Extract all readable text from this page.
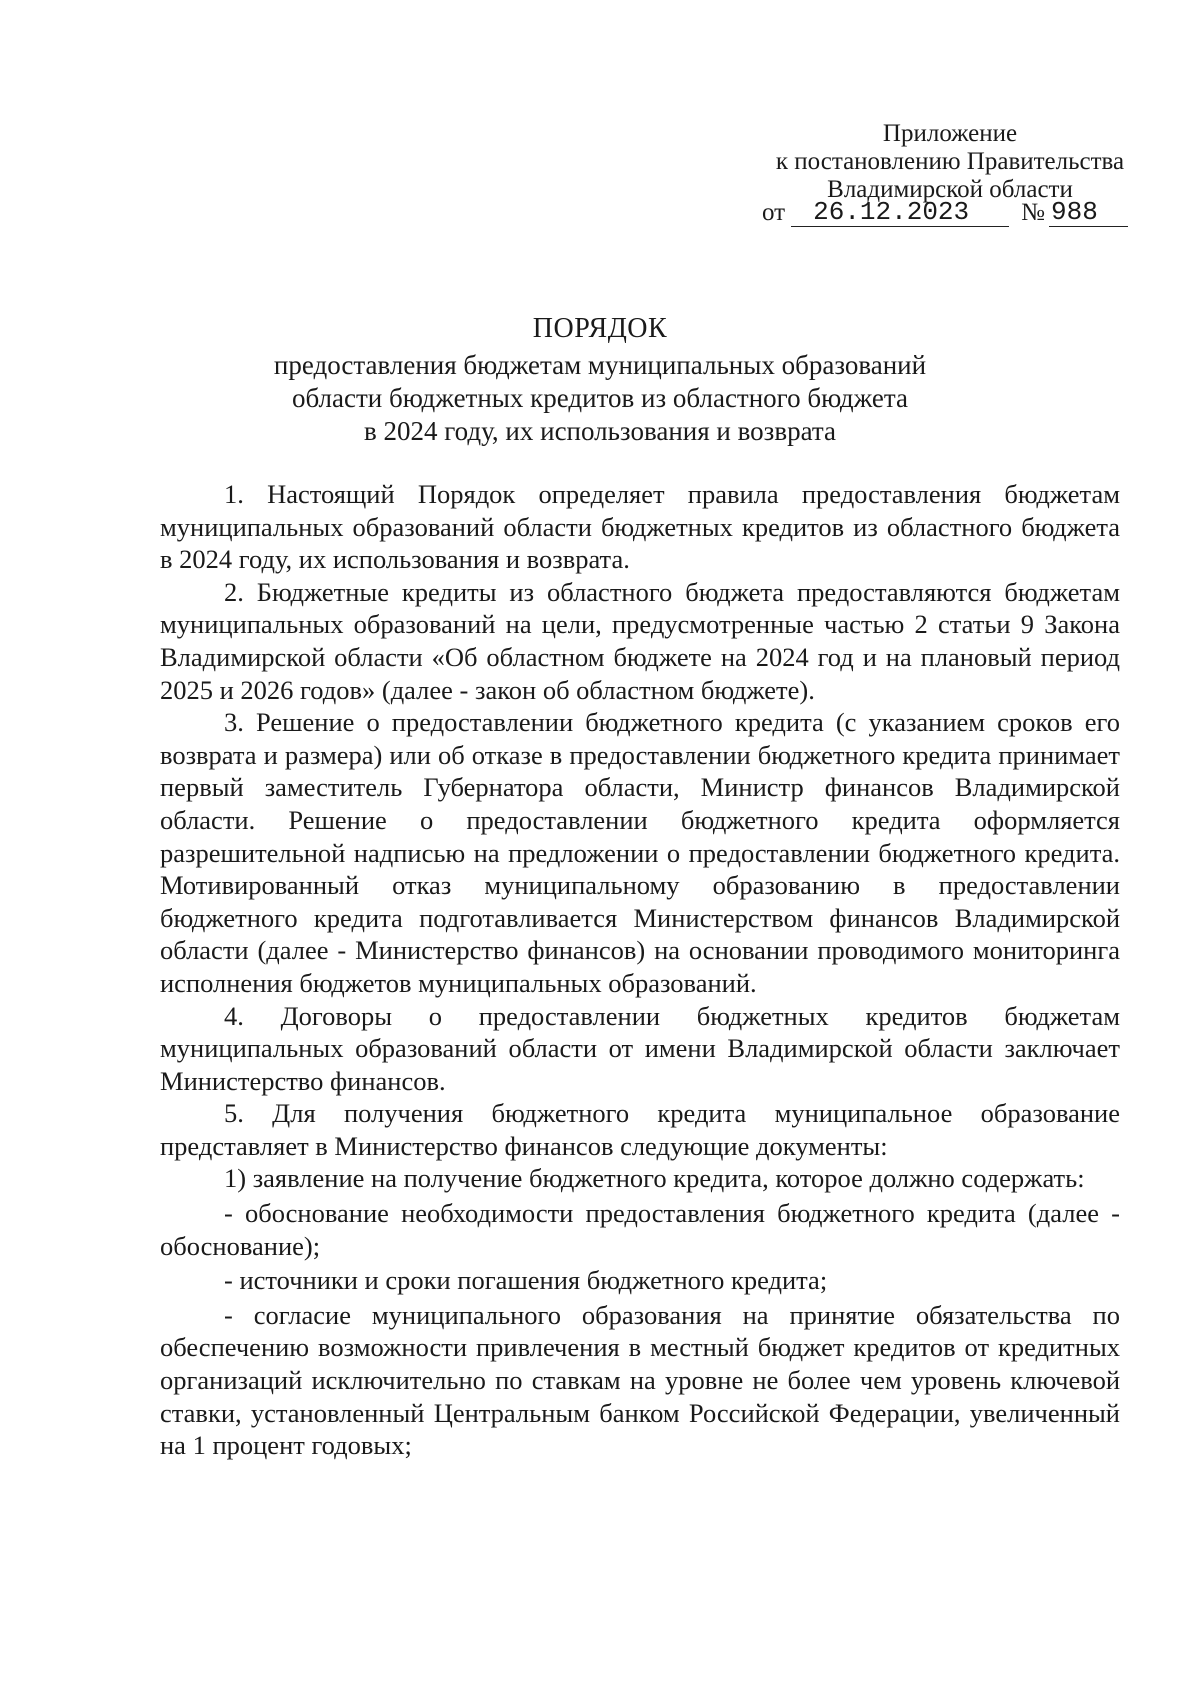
Приложение
к постановлению Правительства
Владимирской области
от	26.12.2023	№ 988
ПОРЯДОК
предоставления бюджетам муниципальных образований
области бюджетных кредитов из областного бюджета
в 2024 году, их использования и возврата

1. Настоящий Порядок определяет правила предоставления бюджетам муниципальных образований области бюджетных кредитов из областного бюджета в 2024 году, их использования и возврата.

2. Бюджетные кредиты из областного бюджета предоставляются бюджетам муниципальных образований на цели, предусмотренные частью 2 статьи 9 Закона Владимирской области «Об областном бюджете на 2024 год и на плановый период 2025 и 2026 годов» (далее - закон об областном бюджете).

3. Решение о предоставлении бюджетного кредита (с указанием сроков его возврата и размера) или об отказе в предоставлении бюджетного кредита принимает первый заместитель Губернатора области, Министр финансов Владимирской области. Решение о предоставлении бюджетного кредита оформляется разрешительной надписью на предложении о предоставлении бюджетного кредита. Мотивированный отказ муниципальному образованию в предоставлении бюджетного кредита подготавливается Министерством финансов Владимирской области (далее - Министерство финансов) на основании проводимого мониторинга исполнения бюджетов муниципальных образований.

4. Договоры о предоставлении бюджетных кредитов бюджетам муниципальных образований области от имени Владимирской области заключает Министерство финансов.

5. Для получения бюджетного кредита муниципальное образование представляет в Министерство финансов следующие документы:

1) заявление на получение бюджетного кредита, которое должно содержать:

- обоснование необходимости предоставления бюджетного кредита (далее - обоснование);

- источники и сроки погашения бюджетного кредита;

- согласие муниципального образования на принятие обязательства по обеспечению возможности привлечения в местный бюджет кредитов от кредитных организаций исключительно по ставкам на уровне не более чем уровень ключевой ставки, установленный Центральным банком Российской Федерации, увеличенный на 1 процент годовых;
